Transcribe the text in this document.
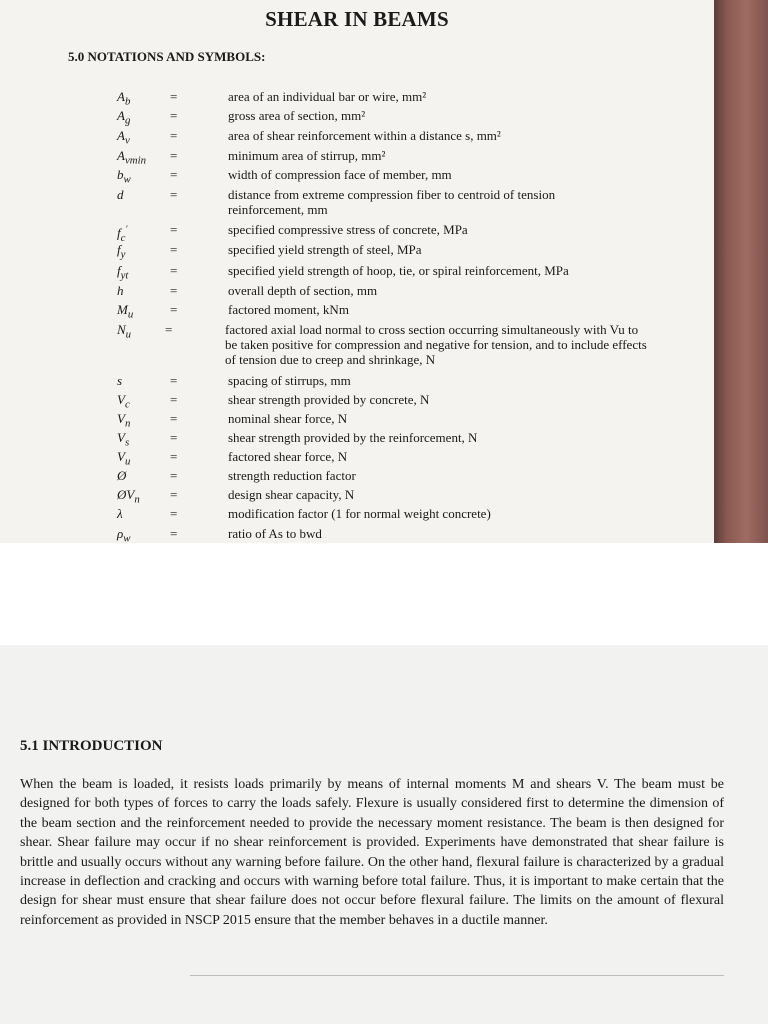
SHEAR IN BEAMS
5.0 NOTATIONS AND SYMBOLS:
$A_b$	=	area of an individual bar or wire, mm²
$A_g$	=	gross area of section, mm²
$A_v$	=	area of shear reinforcement within a distance s, mm²
$A_{vmin}$ =	minimum area of stirrup, mm²
$b_w$	=	width of compression face of member, mm
d	=	distance from extreme compression fiber to centroid of tension reinforcement, mm
$f_c'$	=	specified compressive stress of concrete, MPa
$f_y$	=	specified yield strength of steel, MPa
$f_{yt}$	=	specified yield strength of hoop, tie, or spiral reinforcement, MPa
h	=	overall depth of section, mm
$M_u$	=	factored moment, kNm
$N_u$	=	factored axial load normal to cross section occurring simultaneously with Vu to be taken positive for compression and negative for tension, and to include effects of tension due to creep and shrinkage, N
s	=	spacing of stirrups, mm
$V_c$	=	shear strength provided by concrete, N
$V_n$	=	nominal shear force, N
$V_s$	=	shear strength provided by the reinforcement, N
$V_u$	=	factored shear force, N
Ø	=	strength reduction factor
$ØV_n$ =	design shear capacity, N
λ	=	modification factor (1 for normal weight concrete)
$\rho_w$	=	ratio of As to bwd
5.1 INTRODUCTION
When the beam is loaded, it resists loads primarily by means of internal moments M and shears V. The beam must be designed for both types of forces to carry the loads safely. Flexure is usually considered first to determine the dimension of the beam section and the reinforcement needed to provide the necessary moment resistance. The beam is then designed for shear. Shear failure may occur if no shear reinforcement is provided. Experiments have demonstrated that shear failure is brittle and usually occurs without any warning before failure. On the other hand, flexural failure is characterized by a gradual increase in deflection and cracking and occurs with warning before total failure. Thus, it is important to make certain that the design for shear must ensure that shear failure does not occur before flexural failure. The limits on the amount of flexural reinforcement as provided in NSCP 2015 ensure that the member behaves in a ductile manner.
